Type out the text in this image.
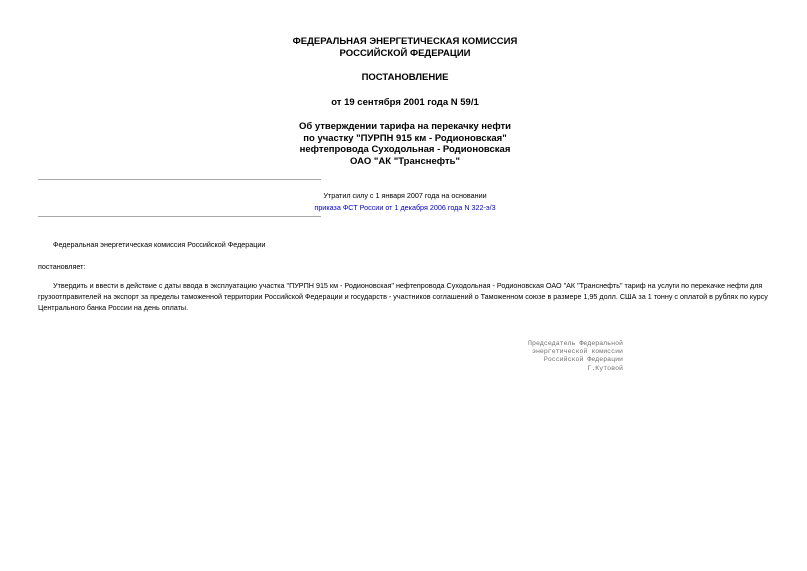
ФЕДЕРАЛЬНАЯ ЭНЕРГЕТИЧЕСКАЯ КОМИССИЯ
РОССИЙСКОЙ ФЕДЕРАЦИИ
ПОСТАНОВЛЕНИЕ
от 19 сентября 2001 года N 59/1
Об утверждении тарифа на перекачку нефти
по участку "ПУРПН 915 км - Родионовская"
нефтепровода Суходольная - Родионовская
ОАО "АК "Транснефть"
Утратил силу с 1 января 2007 года на основании
приказа ФСТ России от 1 декабря 2006 года N 322-э/3
Федеральная энергетическая комиссия Российской Федерации
постановляет:
Утвердить и ввести в действие с даты ввода в эксплуатацию участка "ПУРПН 915 км - Родионовская" нефтепровода Суходольная - Родионовская ОАО "АК "Транснефть" тариф на услуги по перекачке нефти для грузоотправителей на экспорт за пределы таможенной территории Российской Федерации и государств - участников соглашений о Таможенном союзе в размере 1,95 долл. США за 1 тонну с оплатой в рублях по курсу Центрального банка России на день оплаты.
Председатель Федеральной
энергетической комиссии
Российской Федерации
Г.Кутовой
